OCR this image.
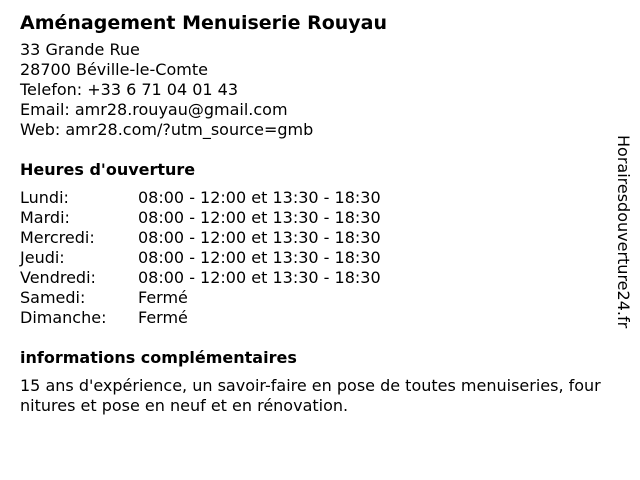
Aménagement Menuiserie Rouyau
33 Grande Rue
28700 Béville-le-Comte
Telefon: +33 6 71 04 01 43
Email: amr28.rouyau@gmail.com
Web: amr28.com/?utm_source=gmb
Heures d'ouverture
Lundi:	08:00 - 12:00 et 13:30 - 18:30
Mardi:	08:00 - 12:00 et 13:30 - 18:30
Mercredi:	08:00 - 12:00 et 13:30 - 18:30
Jeudi:	08:00 - 12:00 et 13:30 - 18:30
Vendredi:	08:00 - 12:00 et 13:30 - 18:30
Samedi:	Fermé
Dimanche:	Fermé
informations complémentaires
15 ans d'expérience, un savoir-faire en pose de toutes menuiseries, fournitures et pose en neuf et en rénovation.
Horairesdouverture24.fr
